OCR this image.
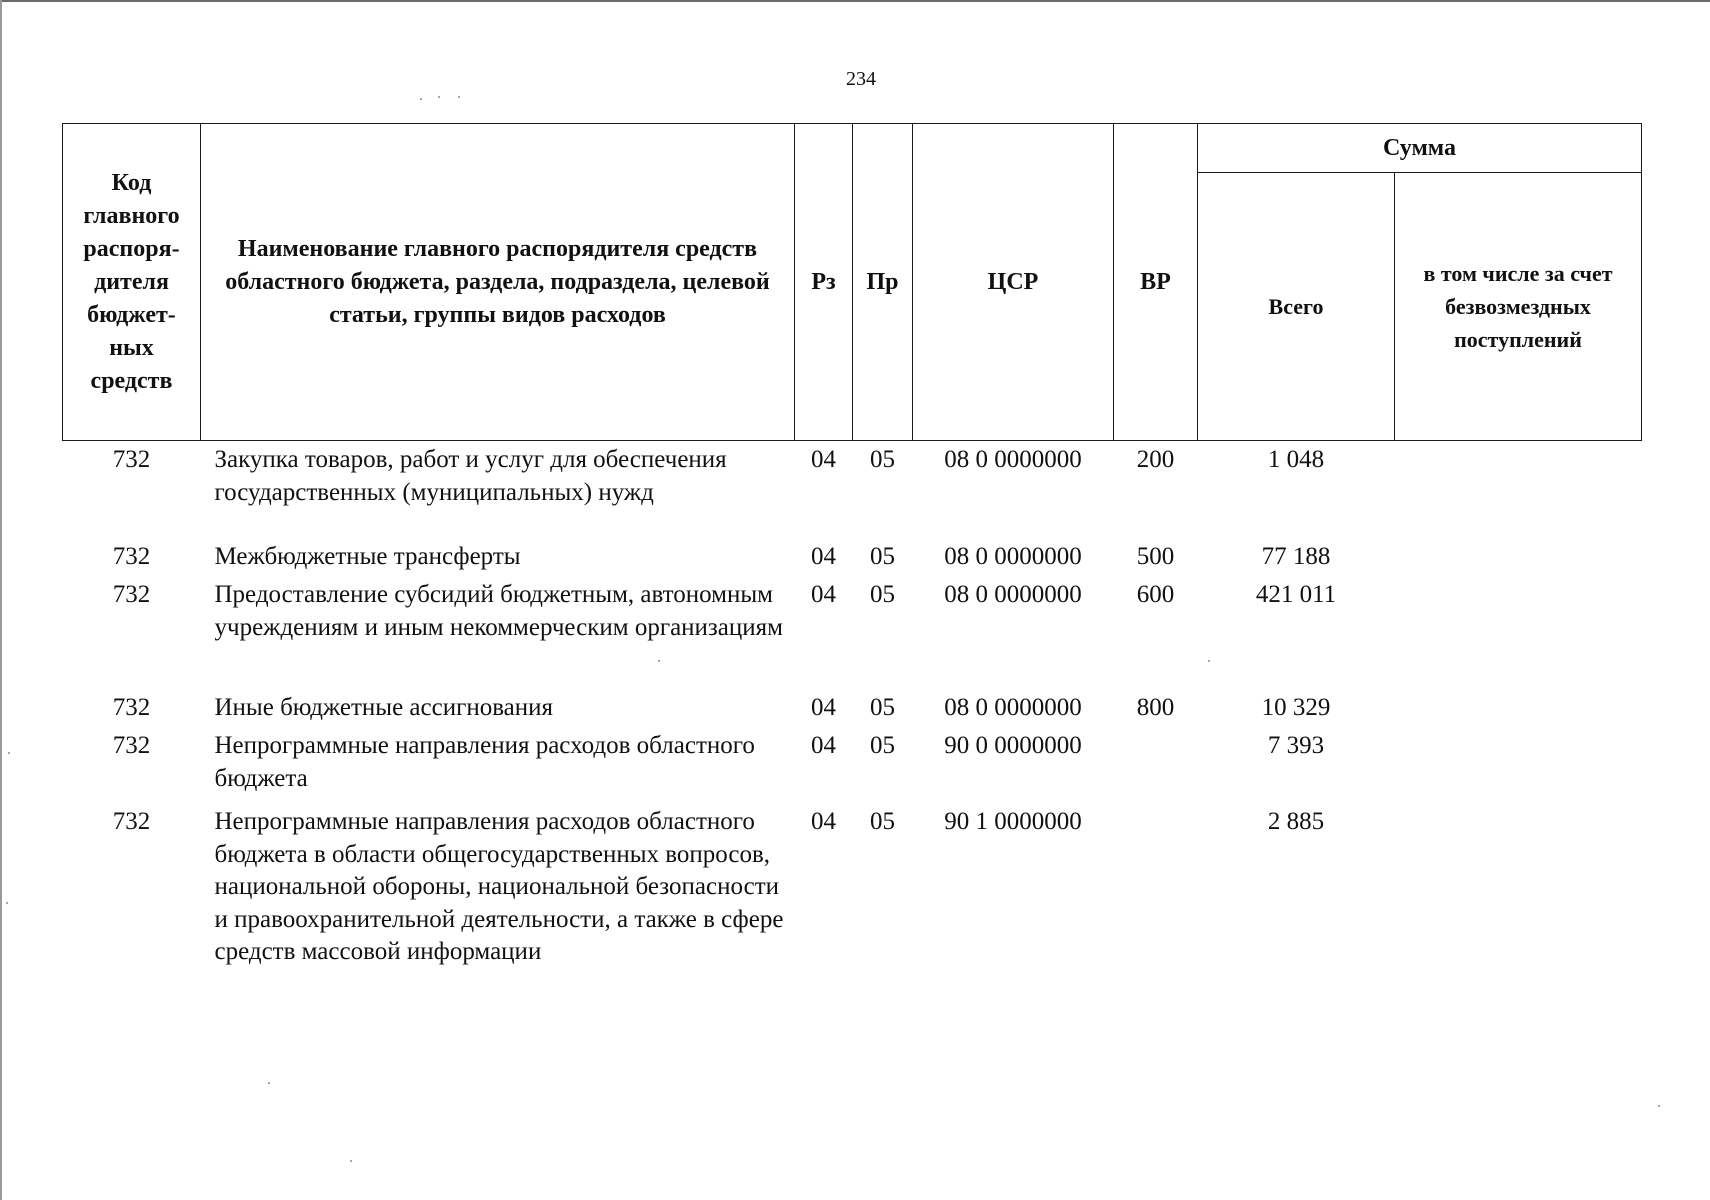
234
Код главного распоря-дителя бюджет-ных средств	Наименование главного распорядителя средств областного бюджета, раздела, подраздела, целевой статьи, группы видов расходов	Рз	Пр	ЦСР	ВР	Сумма	
						Всего	в том числе за счет безвозмездных поступлений
732	Закупка товаров, работ и услуг для обеспечения государственных (муниципальных) нужд	04	05	08 0 0000000	200	1 048	
732	Межбюджетные трансферты	04	05	08 0 0000000	500	77 188	
732	Предоставление субсидий бюджетным, автономным учреждениям и иным некоммерческим организациям	04	05	08 0 0000000	600	421 011	
732	Иные бюджетные ассигнования	04	05	08 0 0000000	800	10 329	
732	Непрограммные направления расходов областного бюджета	04	05	90 0 0000000		7 393	
732	Непрограммные направления расходов областного бюджета в области общегосударственных вопросов, национальной обороны, национальной безопасности и правоохранительной деятельности, а также в сфере средств массовой информации	04	05	90 1 0000000		2 885	
